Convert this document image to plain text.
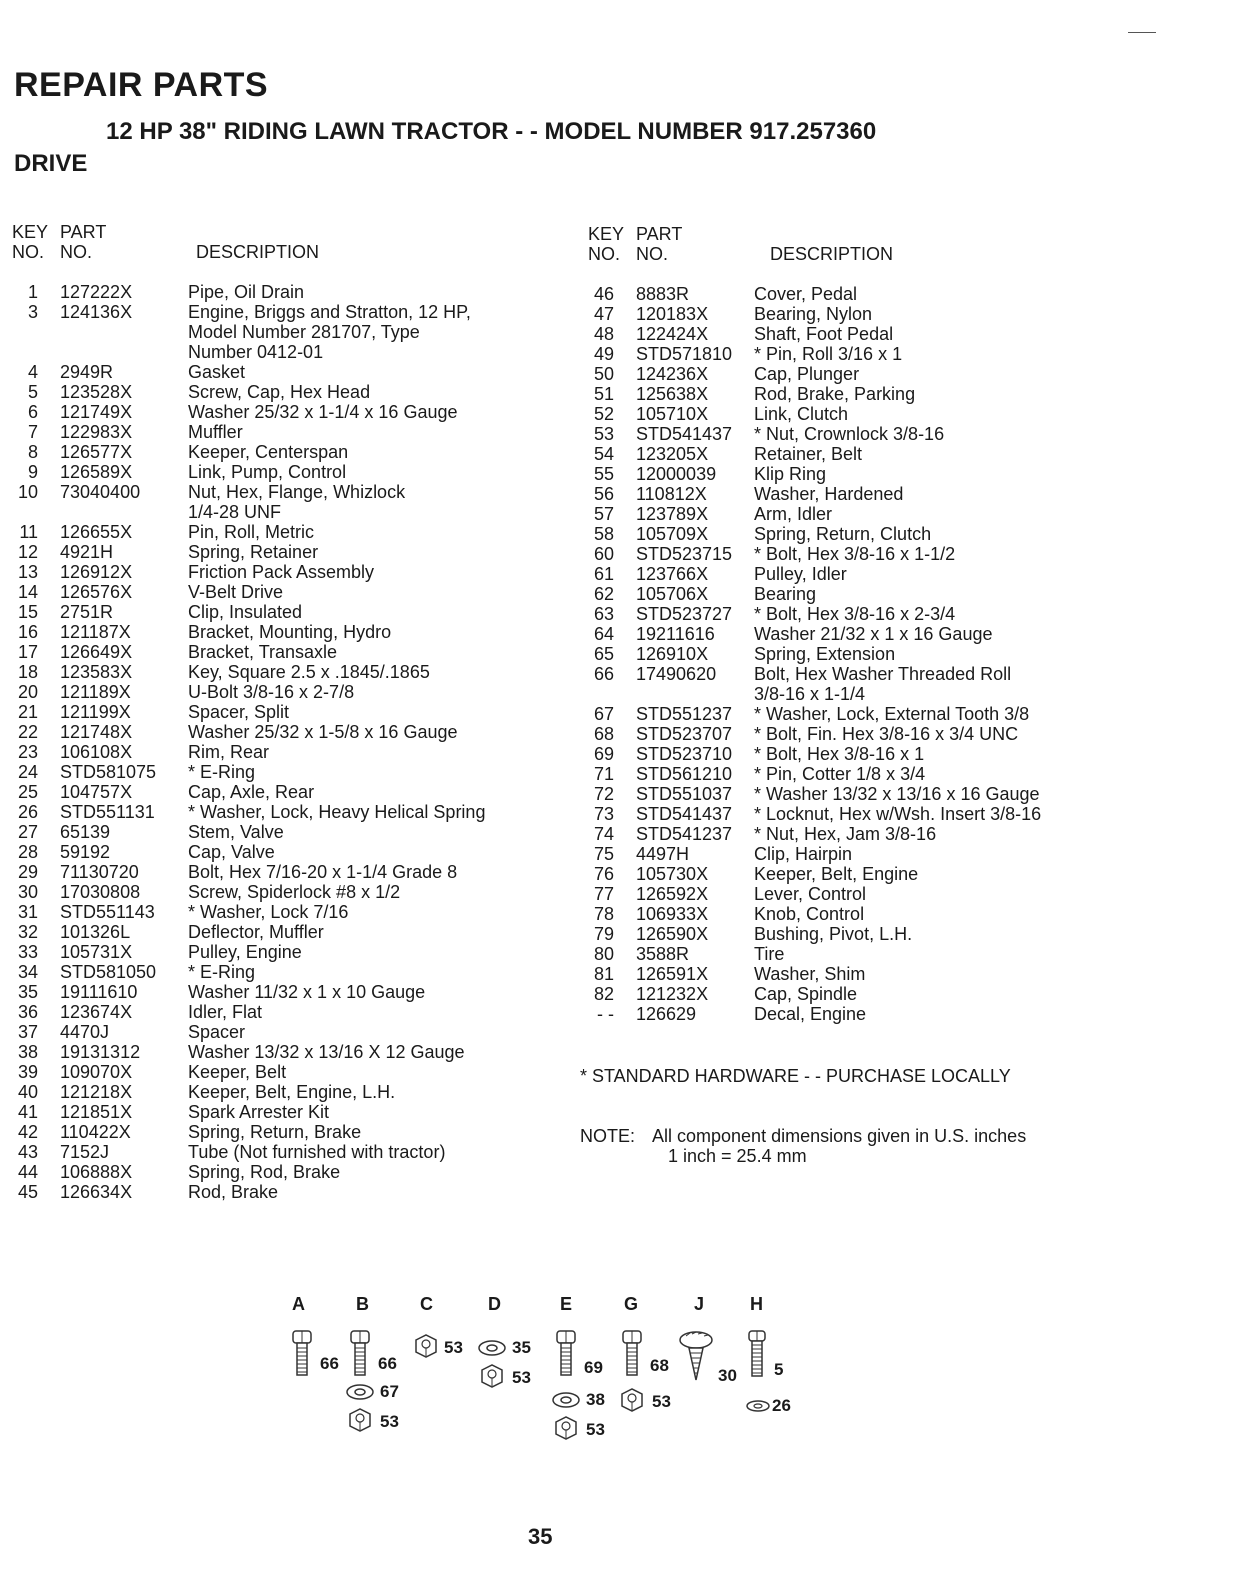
REPAIR PARTS
12 HP 38" RIDING LAWN TRACTOR - - MODEL NUMBER 917.257360
DRIVE
KEY
NO.
PART
NO.	DESCRIPTION
1 127222X	Pipe, Oil Drain
3 124136X	Engine, Briggs and Stratton, 12 HP,
Model Number 281707, Type
Number 0412-01
4 2949R	Gasket
5 123528X	Screw, Cap, Hex Head
6 121749X	Washer 25/32 x 1-1/4 x 16 Gauge
7 122983X	Muffler
8 126577X	Keeper, Centerspan
9 126589X	Link, Pump, Control
10 73040400	Nut, Hex, Flange, Whizlock
1/4-28 UNF
11 126655X	Pin, Roll, Metric
12 4921H	Spring, Retainer
13 126912X	Friction Pack Assembly
14 126576X	V-Belt Drive
15 2751R	Clip, Insulated
16 121187X	Bracket, Mounting, Hydro
17 126649X	Bracket, Transaxle
18 123583X	Key, Square 2.5 x .1845/.1865
20 121189X	U-Bolt 3/8-16 x 2-7/8
21 121199X	Spacer, Split
22 121748X	Washer 25/32 x 1-5/8 x 16 Gauge
23 106108X	Rim, Rear
24 STD581075 * E-Ring
25 104757X	Cap, Axle, Rear
26 STD551131 * Washer, Lock, Heavy Helical Spring
27 65139	Stem, Valve
28 59192	Cap, Valve
29 71130720	Bolt, Hex 7/16-20 x 1-1/4 Grade 8
30 17030808	Screw, Spiderlock #8 x 1/2
31 STD551143 * Washer, Lock 7/16
32 101326L	Deflector, Muffler
33 105731X	Pulley, Engine
34 STD581050 * E-Ring
35 19111610	Washer 11/32 x 1 x 10 Gauge
36 123674X	Idler, Flat
37 4470J	Spacer
38 19131312	Washer 13/32 x 13/16 X 12 Gauge
39 109070X	Keeper, Belt
40 121218X	Keeper, Belt, Engine, L.H.
41 121851X	Spark Arrester Kit
42 110422X	Spring, Return, Brake
43 7152J	Tube (Not furnished with tractor)
44 106888X	Spring, Rod, Brake
45 126634X	Rod, Brake
KEY
NO.
PART
NO.	DESCRIPTION
46 8883R	Cover, Pedal
47 120183X	Bearing, Nylon
48 122424X	Shaft, Foot Pedal
49 STD571810 * Pin, Roll 3/16 x 1
50 124236X	Cap, Plunger
51 125638X	Rod, Brake, Parking
52 105710X	Link, Clutch
53 STD541437 * Nut, Crownlock 3/8-16
54 123205X	Retainer, Belt
55 12000039 Klip Ring
56 110812X	Washer, Hardened
57 123789X	Arm, Idler
58 105709X	Spring, Return, Clutch
60 STD523715 * Bolt, Hex 3/8-16 x 1-1/2
61 123766X	Pulley, Idler
62 105706X	Bearing
63 STD523727 * Bolt, Hex 3/8-16 x 2-3/4
64 19211616 Washer 21/32 x 1 x 16 Gauge
65 126910X	Spring, Extension
66 17490620 Bolt, Hex Washer Threaded Roll
3/8-16 x 1-1/4
67 STD551237 * Washer, Lock, External Tooth 3/8
68 STD523707 * Bolt, Fin. Hex 3/8-16 x 3/4 UNC
69 STD523710 * Bolt, Hex 3/8-16 x 1
71 STD561210 * Pin, Cotter 1/8 x 3/4
72 STD551037 * Washer 13/32 x 13/16 x 16 Gauge
73 STD541437 * Locknut, Hex w/Wsh. Insert 3/8-16
74 STD541237 * Nut, Hex, Jam 3/8-16
75 4497H	Clip, Hairpin
76 105730X	Keeper, Belt, Engine
77 126592X	Lever, Control
78 106933X	Knob, Control
79 126590X	Bushing, Pivot, L.H.
80 3588R	Tire
81 126591X	Washer, Shim
82 121232X	Cap, Spindle
- - 126629	Decal, Engine
* STANDARD HARDWARE - - PURCHASE LOCALLY
NOTE: All component dimensions given in U.S. inches
1 inch = 25.4 mm
A	B	C	D	E	G	J	H
66 66
67
53
53	35
53
69
38
53
68
53
30 5
26
35
